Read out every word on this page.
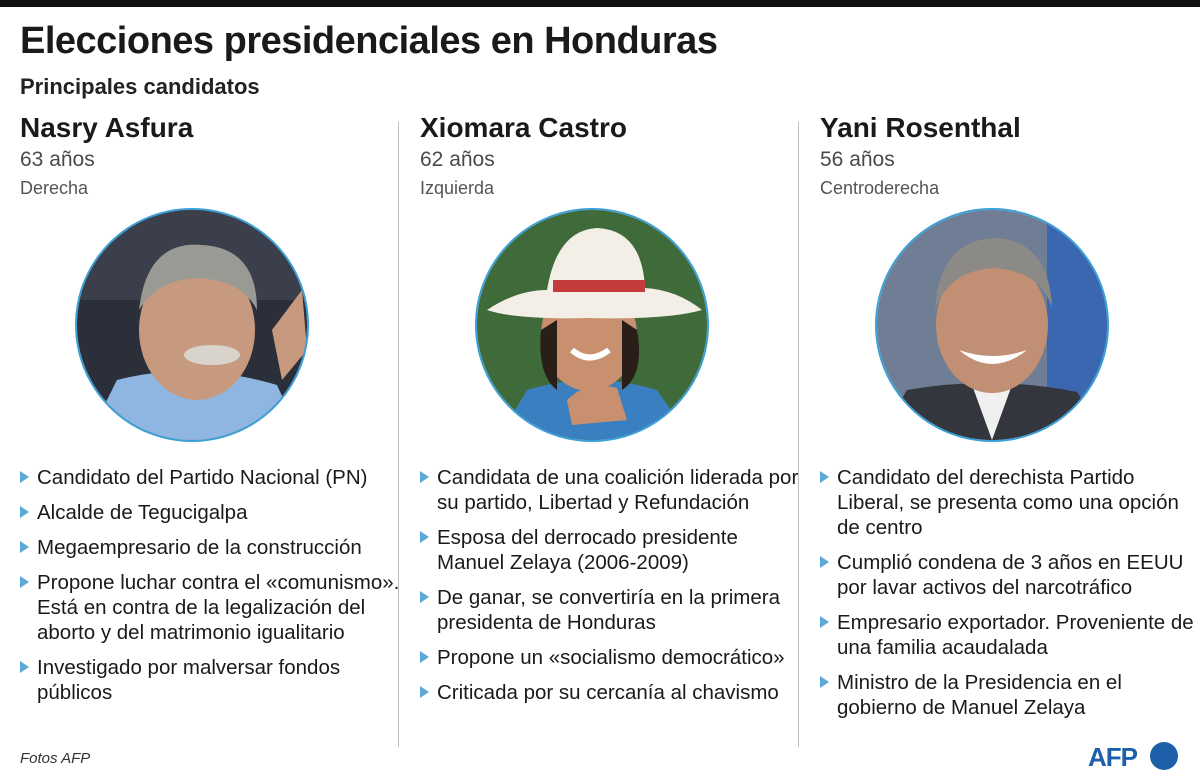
Elecciones presidenciales en Honduras
Principales candidatos
Nasry Asfura
63 años
Derecha
Candidato del Partido Nacional (PN)
Alcalde de Tegucigalpa
Megaempresario de la construcción
Propone luchar contra el «comunismo». Está en contra de la legalización del aborto y del matrimonio igualitario
Investigado por malversar fondos públicos
Xiomara Castro
62 años
Izquierda
Candidata de una coalición liderada por su partido, Libertad y Refundación
Esposa del derrocado presidente Manuel Zelaya (2006-2009)
De ganar, se convertiría en la primera presidenta de Honduras
Propone un «socialismo democrático»
Criticada por su cercanía al chavismo
Yani Rosenthal
56 años
Centroderecha
Candidato del derechista Partido Liberal, se presenta como una opción de centro
Cumplió condena de 3 años en EEUU por lavar activos del narcotráfico
Empresario exportador. Proveniente de una familia acaudalada
Ministro de la Presidencia en el gobierno de Manuel Zelaya
Fotos AFP	AFP
